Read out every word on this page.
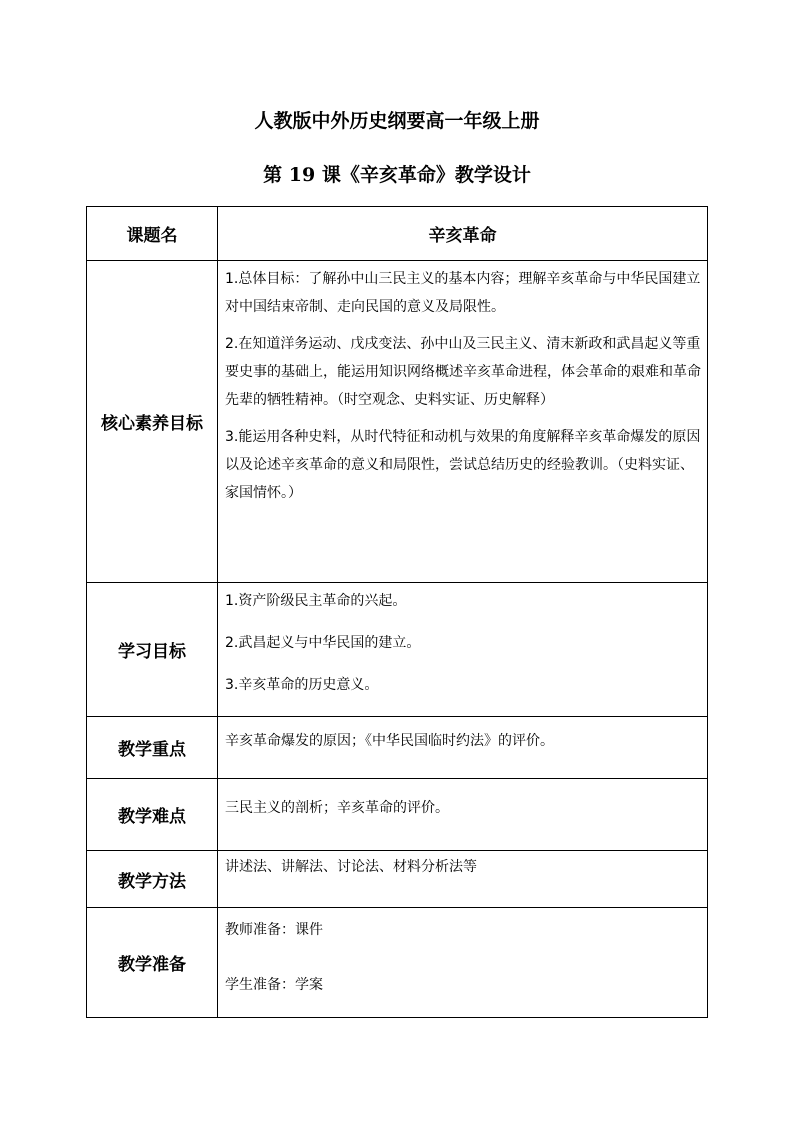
人教版中外历史纲要高一年级上册
第 19 课《辛亥革命》教学设计
课题名	辛亥革命
核心素养目标	1.总体目标：了解孙中山三民主义的基本内容；理解辛亥革命与中华民国建立对中国结束帝制、走向民国的意义及局限性。

2.在知道洋务运动、戊戌变法、孙中山及三民主义、清末新政和武昌起义等重要史事的基础上，能运用知识网络概述辛亥革命进程，体会革命的艰难和革命先辈的牺牲精神。（时空观念、史料实证、历史解释）

3.能运用各种史料，从时代特征和动机与效果的角度解释辛亥革命爆发的原因以及论述辛亥革命的意义和局限性，尝试总结历史的经验教训。（史料实证、家国情怀。）

学习目标	1.资产阶级民主革命的兴起。

2.武昌起义与中华民国的建立。

3.辛亥革命的历史意义。

教学重点	辛亥革命爆发的原因；《中华民国临时约法》的评价。
教学难点	三民主义的剖析；辛亥革命的评价。
教学方法	讲述法、讲解法、讨论法、材料分析法等
教学准备	教师准备：课件

学生准备：学案
